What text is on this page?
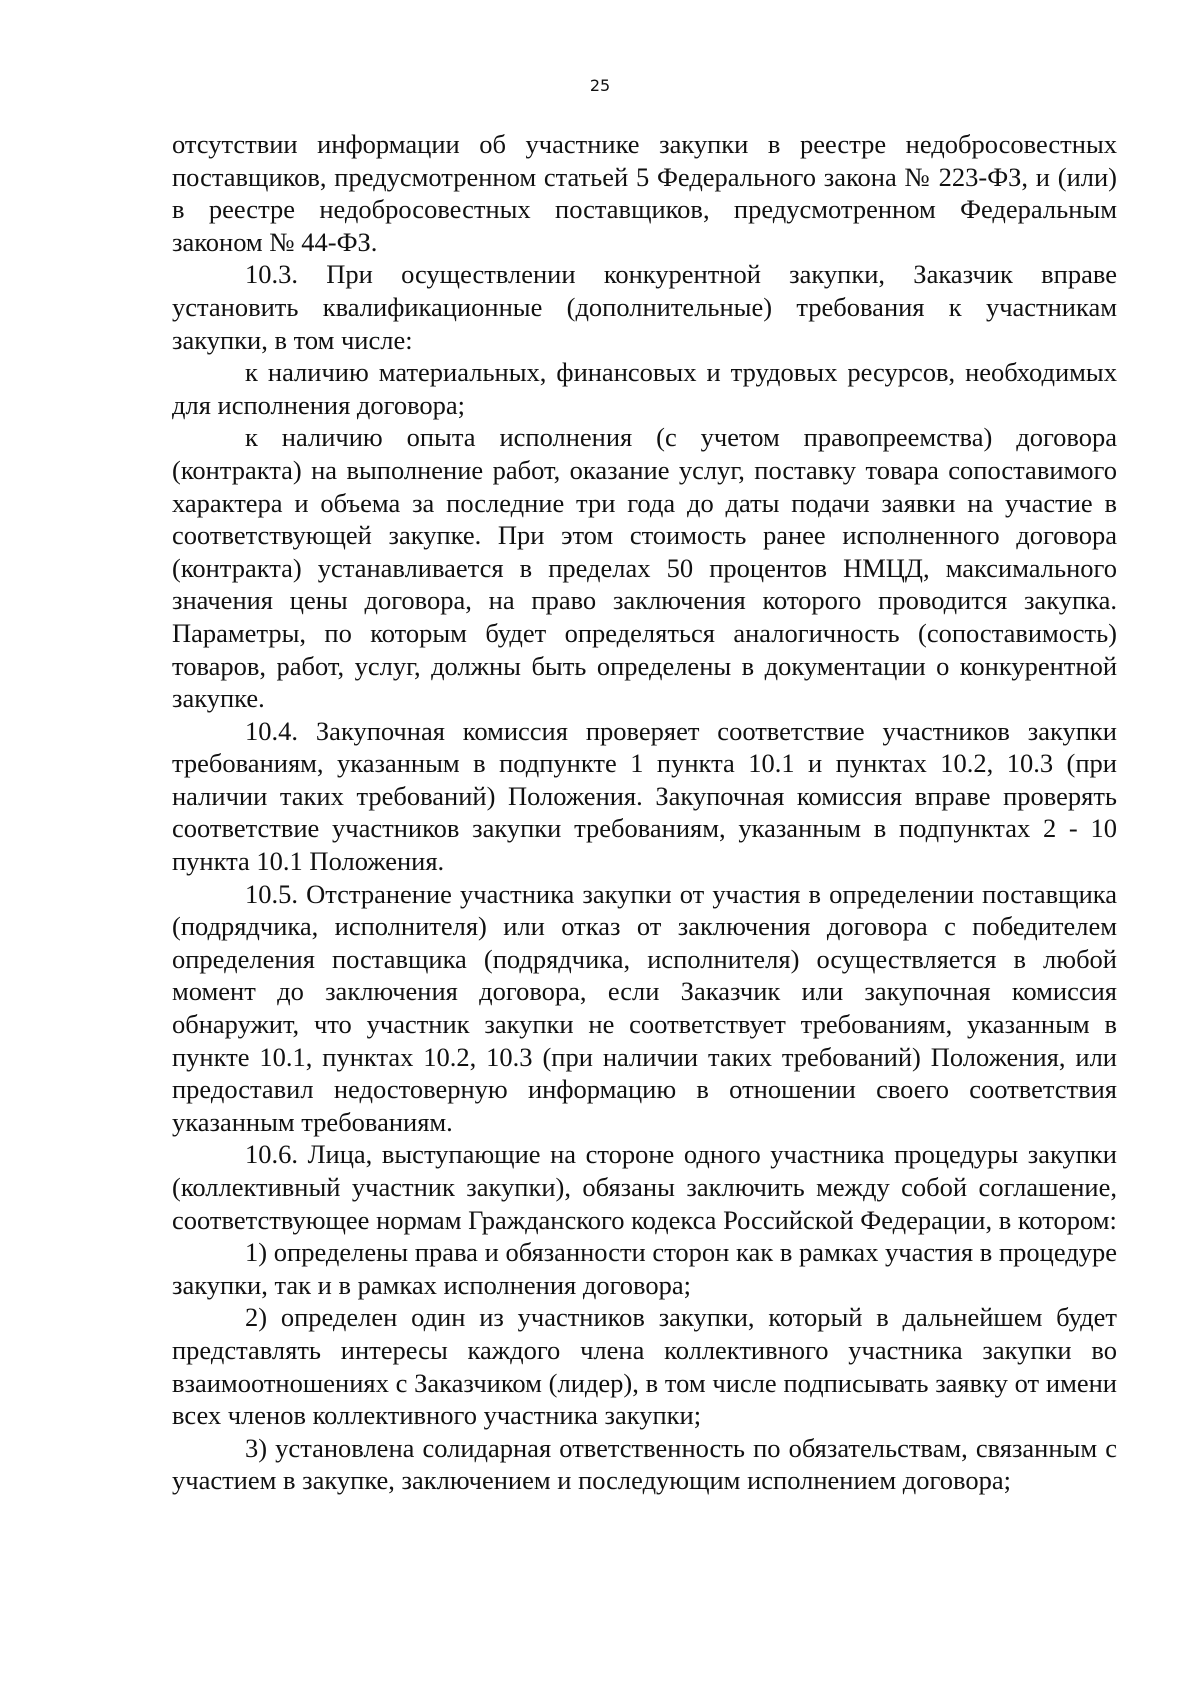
25

отсутствии информации об участнике закупки в реестре недобросовестных поставщиков, предусмотренном статьей 5 Федерального закона № 223-ФЗ, и (или) в реестре недобросовестных поставщиков, предусмотренном Федеральным законом № 44-ФЗ.

10.3. При осуществлении конкурентной закупки, Заказчик вправе установить квалификационные (дополнительные) требования к участникам закупки, в том числе:

к наличию материальных, финансовых и трудовых ресурсов, необходимых для исполнения договора;

к наличию опыта исполнения (с учетом правопреемства) договора (контракта) на выполнение работ, оказание услуг, поставку товара сопоставимого характера и объема за последние три года до даты подачи заявки на участие в соответствующей закупке. При этом стоимость ранее исполненного договора (контракта) устанавливается в пределах 50 процентов НМЦД, максимального значения цены договора, на право заключения которого проводится закупка. Параметры, по которым будет определяться аналогичность (сопоставимость) товаров, работ, услуг, должны быть определены в документации о конкурентной закупке.

10.4. Закупочная комиссия проверяет соответствие участников закупки требованиям, указанным в подпункте 1 пункта 10.1 и пунктах 10.2, 10.3 (при наличии таких требований) Положения. Закупочная комиссия вправе проверять соответствие участников закупки требованиям, указанным в подпунктах 2 - 10 пункта 10.1 Положения.

10.5. Отстранение участника закупки от участия в определении поставщика (подрядчика, исполнителя) или отказ от заключения договора с победителем определения поставщика (подрядчика, исполнителя) осуществляется в любой момент до заключения договора, если Заказчик или закупочная комиссия обнаружит, что участник закупки не соответствует требованиям, указанным в пункте 10.1, пунктах 10.2, 10.3 (при наличии таких требований) Положения, или предоставил недостоверную информацию в отношении своего соответствия указанным требованиям.

10.6. Лица, выступающие на стороне одного участника процедуры закупки (коллективный участник закупки), обязаны заключить между собой соглашение, соответствующее нормам Гражданского кодекса Российской Федерации, в котором:

1) определены права и обязанности сторон как в рамках участия в процедуре закупки, так и в рамках исполнения договора;

2) определен один из участников закупки, который в дальнейшем будет представлять интересы каждого члена коллективного участника закупки во взаимоотношениях с Заказчиком (лидер), в том числе подписывать заявку от имени всех членов коллективного участника закупки;

3) установлена солидарная ответственность по обязательствам, связанным с участием в закупке, заключением и последующим исполнением договора;
